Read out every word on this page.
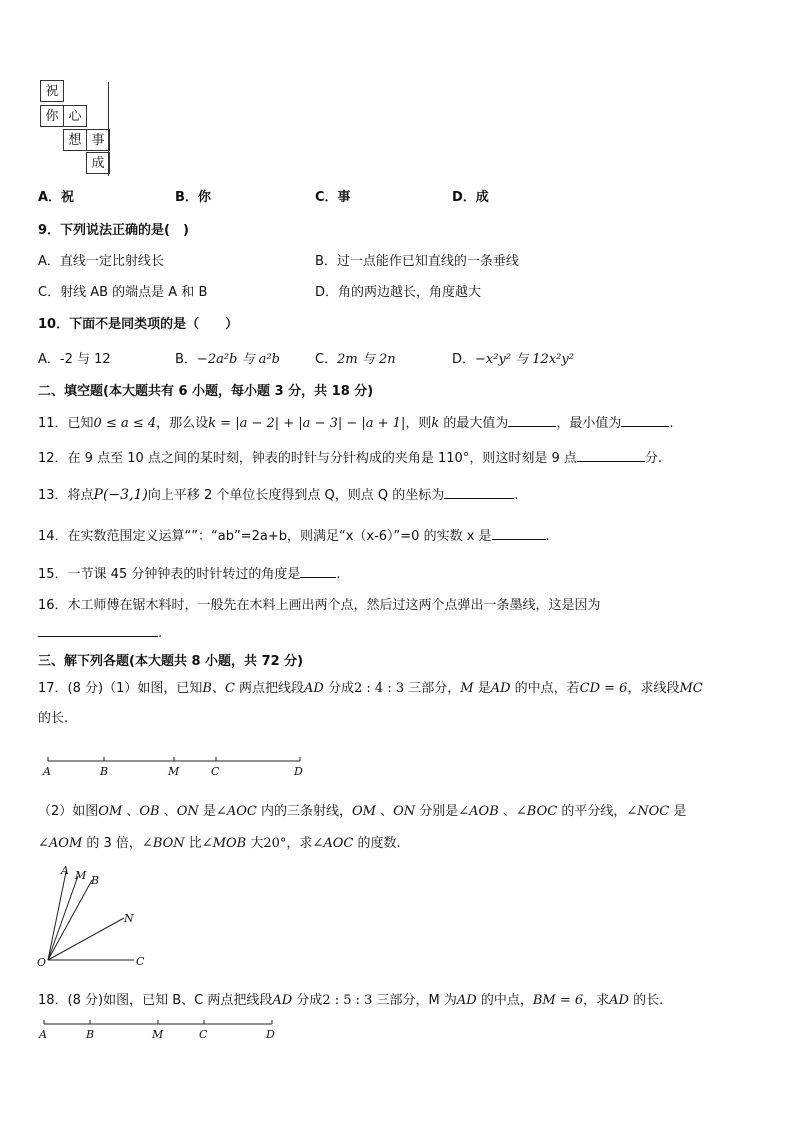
祝
你 心
想 事
成
A．祝	B．你	C．事	D．成
9．下列说法正确的是(　)
A．直线一定比射线长	B．过一点能作已知直线的一条垂线
C．射线 AB 的端点是 A 和 B	D．角的两边越长，角度越大
10．下面不是同类项的是（　　）
A．-2 与 12	B．−2a²b 与 a²b	C．2m 与 2n	D．−x²y² 与 12x²y²
二、填空题(本大题共有 6 小题，每小题 3 分，共 18 分)
11．已知0 ≤ a ≤ 4，那么设k = |a − 2| + |a − 3| − |a + 1|，则k 的最大值为	，最小值为	.
12．在 9 点至 10 点之间的某时刻，钟表的时针与分针构成的夹角是 110°，则这时刻是 9 点	分.
13．将点P(−3,1)向上平移 2 个单位长度得到点 Q，则点 Q 的坐标为	.
14．在实数范围定义运算“”：“ab”=2a+b，则满足“x（x-6）”=0 的实数 x 是	.
15．一节课 45 分钟钟表的时针转过的角度是	.
16．木工师傅在锯木料时，一般先在木料上画出两个点，然后过这两个点弹出一条墨线，这是因为
.
三、解下列各题(本大题共 8 小题，共 72 分)
17．(8 分)（1）如图，已知B、C 两点把线段AD 分成2 : 4 : 3 三部分，M 是AD 的中点，若CD = 6，求线段MC
的长.
A	B	M	C	D
（2）如图OM 、OB 、ON 是∠AOC 内的三条射线，OM 、ON 分别是∠AOB 、∠BOC 的平分线，∠NOC 是
∠AOM 的 3 倍，∠BON 比∠MOB 大20°，求∠AOC 的度数.
A M B
N
O	C
18．(8 分)如图，已知 B、C 两点把线段AD 分成2 : 5 : 3 三部分，M 为AD 的中点，BM = 6，求AD 的长.
A	B	M	C	D
